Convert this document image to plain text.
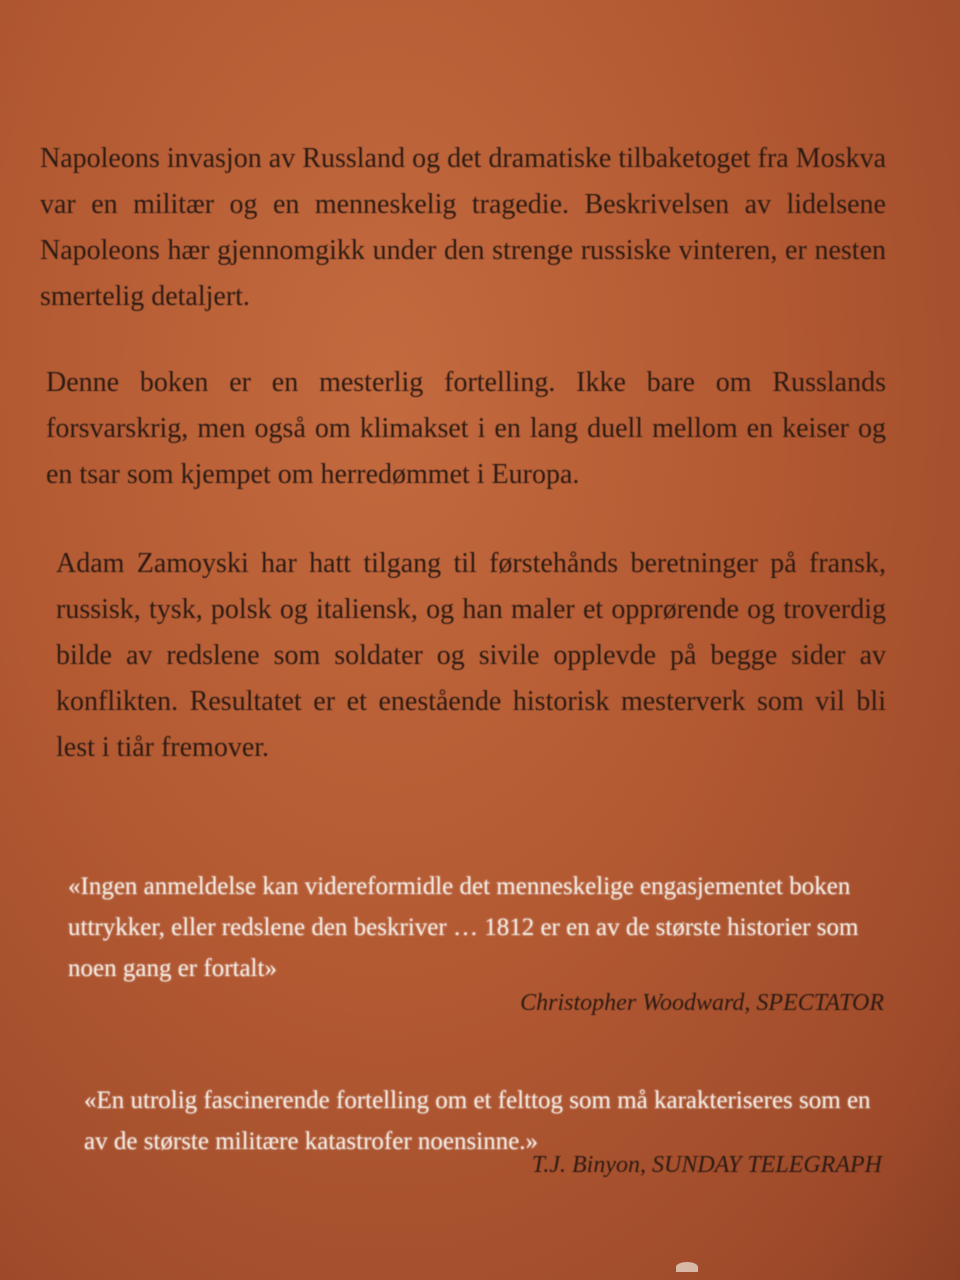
Napoleons invasjon av Russland og det dramatiske tilbaketoget fra Moskva var en militær og en menneskelig tragedie. Beskrivelsen av lidelsene Napoleons hær gjennomgikk under den strenge russiske vinteren, er nesten smertelig detaljert.

Denne boken er en mesterlig fortelling. Ikke bare om Russlands forsvarskrig, men også om klimakset i en lang duell mellom en keiser og en tsar som kjempet om herredømmet i Europa.

Adam Zamoyski har hatt tilgang til førstehånds beretninger på fransk, russisk, tysk, polsk og italiensk, og han maler et opprørende og troverdig bilde av redslene som soldater og sivile opplevde på begge sider av konflikten. Resultatet er et enestående historisk mesterverk som vil bli lest i tiår fremover.

«Ingen anmeldelse kan videreformidle det menneskelige engasjementet boken uttrykker, eller redslene den beskriver … 1812 er en av de største historier som noen gang er fortalt»

Christopher Woodward, SPECTATOR

«En utrolig fascinerende fortelling om et felttog som må karakteriseres som en av de største militære katastrofer noensinne.»

T.J. Binyon, SUNDAY TELEGRAPH
